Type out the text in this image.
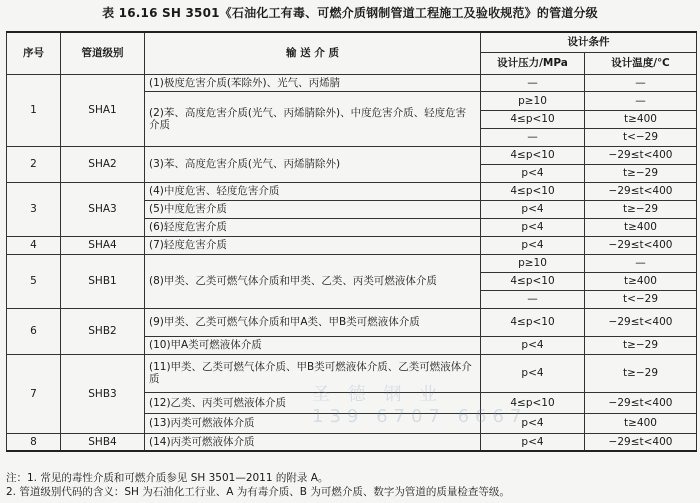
表 16.16 SH 3501《石油化工有毒、可燃介质钢制管道工程施工及验收规范》的管道分级
序号	管道级别	输 送 介 质	设计条件	
			设计压力/MPa	设计温度/℃
1	SHA1	(1)极度危害介质(苯除外)、光气、丙烯腈	—	—
		(2)苯、高度危害介质(光气、丙烯腈除外)、中度危害介质、轻度危害介质	p≥10	—
			4≤p<10	t≥400
			—	t<−29
2	SHA2	(3)苯、高度危害介质(光气、丙烯腈除外)	4≤p<10	−29≤t<400
			p<4	t≥−29
3	SHA3	(4)中度危害、轻度危害介质	4≤p<10	−29≤t<400
		(5)中度危害介质	p<4	t≥−29
		(6)轻度危害介质	p<4	t≥400
4	SHA4	(7)轻度危害介质	p<4	−29≤t<400
5	SHB1	(8)甲类、乙类可燃气体介质和甲类、乙类、丙类可燃液体介质	p≥10	—
			4≤p<10	t≥400
			—	t<−29
6	SHB2	(9)甲类、乙类可燃气体介质和甲A类、甲B类可燃液体介质	4≤p<10	−29≤t<400
		(10)甲A类可燃液体介质	p<4	t≥−29
7	SHB3	(11)甲类、乙类可燃气体介质、甲B类可燃液体介质、乙类可燃液体介质	p<4	t≥−29
		(12)乙类、丙类可燃液体介质	4≤p<10	−29≤t<400
		(13)丙类可燃液体介质	p<4	t≥400
8	SHB4	(14)丙类可燃液体介质	p<4	−29≤t<400
圣 德 钢 业
139 6707 6667
注：1. 常见的毒性介质和可燃介质参见 SH 3501—2011 的附录 A。
2. 管道级别代码的含义：SH 为石油化工行业、A 为有毒介质、B 为可燃介质、数字为管道的质量检查等级。
